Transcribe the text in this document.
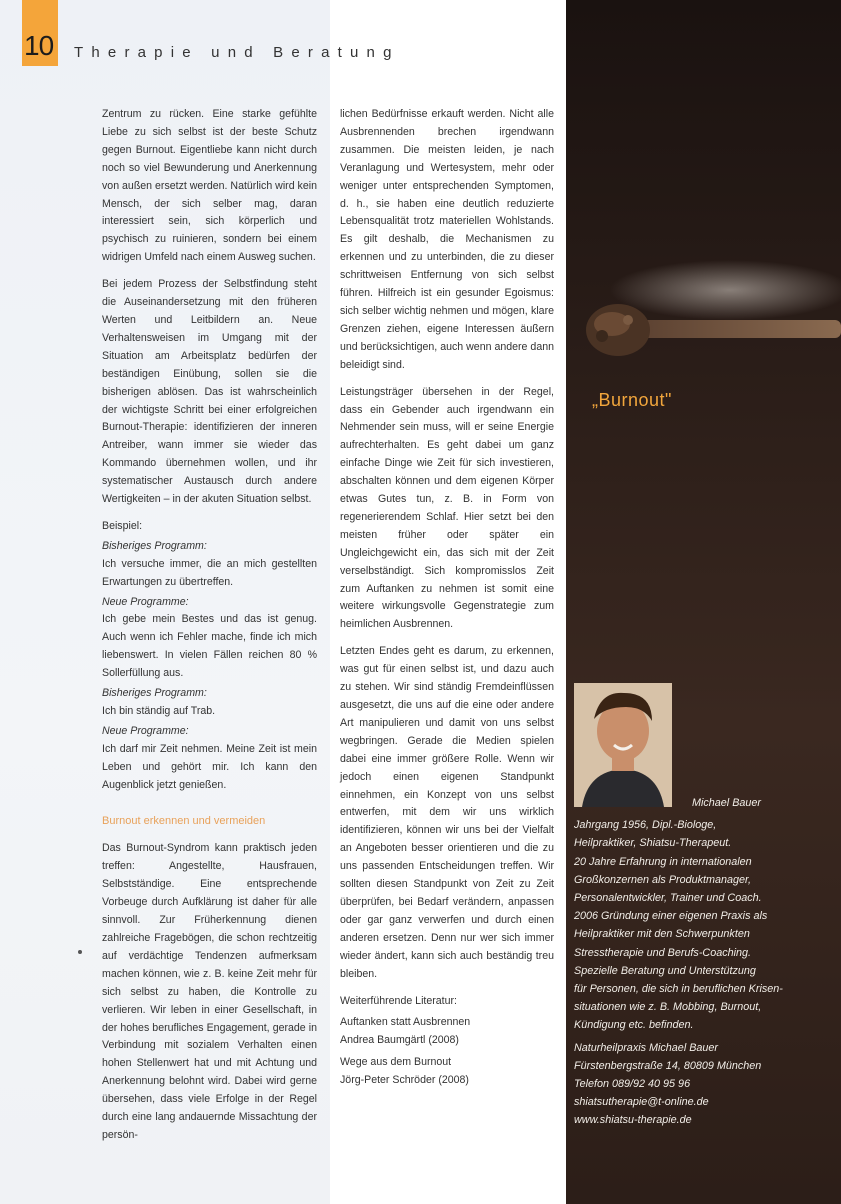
10 Therapie und Beratung

Zentrum zu rücken. Eine starke gefühlte Liebe zu sich selbst ist der beste Schutz gegen Burnout. Eigentliebe kann nicht durch noch so viel Bewunderung und Anerkennung von außen ersetzt werden. Natürlich wird kein Mensch, der sich selber mag, daran interessiert sein, sich körperlich und psychisch zu ruinieren, sondern bei einem widrigen Umfeld nach einem Ausweg suchen.

Bei jedem Prozess der Selbstfindung steht die Auseinandersetzung mit den früheren Werten und Leitbildern an. Neue Verhaltensweisen im Umgang mit der Situation am Arbeitsplatz bedürfen der beständigen Einübung, sollen sie die bisherigen ablösen. Das ist wahrscheinlich der wichtigste Schritt bei einer erfolgreichen Burnout-Therapie: identifizieren der inneren Antreiber, wann immer sie wieder das Kommando übernehmen wollen, und ihr systematischer Austausch durch andere Wertigkeiten – in der akuten Situation selbst.

Beispiel:
Bisheriges Programm:
Ich versuche immer, die an mich gestellten Erwartungen zu übertreffen.
Neue Programme:
Ich gebe mein Bestes und das ist genug. Auch wenn ich Fehler mache, finde ich mich liebenswert. In vielen Fällen reichen 80 % Sollerfüllung aus.
Bisheriges Programm:
Ich bin ständig auf Trab.
Neue Programme:
Ich darf mir Zeit nehmen. Meine Zeit ist mein Leben und gehört mir. Ich kann den Augenblick jetzt genießen.
Burnout erkennen und vermeiden

Das Burnout-Syndrom kann praktisch jeden treffen: Angestellte, Hausfrauen, Selbstständige. Eine entsprechende Vorbeuge durch Aufklärung ist daher für alle sinnvoll. Zur Früherkennung dienen zahlreiche Fragebögen, die schon rechtzeitig auf verdächtige Tendenzen aufmerksam machen können, wie z. B. keine Zeit mehr für sich selbst zu haben, die Kontrolle zu verlieren. Wir leben in einer Gesellschaft, in der hohes berufliches Engagement, gerade in Verbindung mit sozialem Verhalten einen hohen Stellenwert hat und mit Achtung und Anerkennung belohnt wird. Dabei wird gerne übersehen, dass viele Erfolge in der Regel durch eine lang andauernde Missachtung der persön-

lichen Bedürfnisse erkauft werden. Nicht alle Ausbrennenden brechen irgendwann zusammen. Die meisten leiden, je nach Veranlagung und Wertesystem, mehr oder weniger unter entsprechenden Symptomen, d. h., sie haben eine deutlich reduzierte Lebensqualität trotz materiellen Wohlstands. Es gilt deshalb, die Mechanismen zu erkennen und zu unterbinden, die zu dieser schrittweisen Entfernung von sich selbst führen. Hilfreich ist ein gesunder Egoismus: sich selber wichtig nehmen und mögen, klare Grenzen ziehen, eigene Interessen äußern und berücksichtigen, auch wenn andere dann beleidigt sind.

Leistungsträger übersehen in der Regel, dass ein Gebender auch irgendwann ein Nehmender sein muss, will er seine Energie aufrechterhalten. Es geht dabei um ganz einfache Dinge wie Zeit für sich investieren, abschalten können und dem eigenen Körper etwas Gutes tun, z. B. in Form von regenerierendem Schlaf. Hier setzt bei den meisten früher oder später ein Ungleichgewicht ein, das sich mit der Zeit verselbständigt. Sich kompromisslos Zeit zum Auftanken zu nehmen ist somit eine weitere wirkungsvolle Gegenstrategie zum heimlichen Ausbrennen.

Letzten Endes geht es darum, zu erkennen, was gut für einen selbst ist, und dazu auch zu stehen. Wir sind ständig Fremdeinflüssen ausgesetzt, die uns auf die eine oder andere Art manipulieren und damit von uns selbst wegbringen. Gerade die Medien spielen dabei eine immer größere Rolle. Wenn wir jedoch einen eigenen Standpunkt einnehmen, ein Konzept von uns selbst entwerfen, mit dem wir uns wirklich identifizieren, können wir uns bei der Vielfalt an Angeboten besser orientieren und die zu uns passenden Entscheidungen treffen. Wir sollten diesen Standpunkt von Zeit zu Zeit überprüfen, bei Bedarf verändern, anpassen oder gar ganz verwerfen und durch einen anderen ersetzen. Denn nur wer sich immer wieder ändert, kann sich auch beständig treu bleiben.

Weiterführende Literatur:
Auftanken statt Ausbrennen
Andrea Baumgärtl (2008)
Wege aus dem Burnout
Jörg-Peter Schröder (2008)
„Burnout"
Michael Bauer
Jahrgang 1956, Dipl.-Biologe,
Heilpraktiker, Shiatsu-Therapeut.
20 Jahre Erfahrung in internationalen
Großkonzernen als Produktmanager,
Personalentwickler, Trainer und Coach.
2006 Gründung einer eigenen Praxis als
Heilpraktiker mit den Schwerpunkten
Stresstherapie und Berufs-Coaching.
Spezielle Beratung und Unterstützung
für Personen, die sich in beruflichen Krisen-
situationen wie z. B. Mobbing, Burnout,
Kündigung etc. befinden.
Naturheilpraxis Michael Bauer
Fürstenbergstraße 14, 80809 München
Telefon 089/92 40 95 96
shiatsutherapie@t-online.de
www.shiatsu-therapie.de
